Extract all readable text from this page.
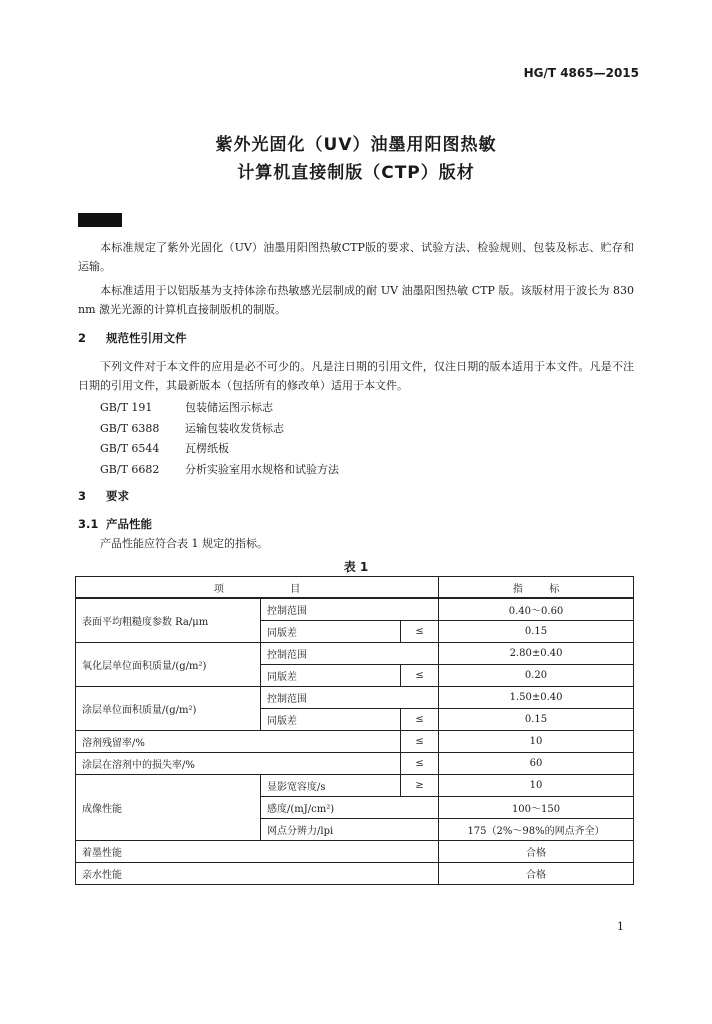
HG/T 4865—2015
紫外光固化（UV）油墨用阳图热敏
计算机直接制版（CTP）版材
本标准规定了紫外光固化（UV）油墨用阳图热敏CTP版的要求、试验方法、检验规则、包装及标志、贮存和运输。
本标准适用于以铝版基为支持体涂布热敏感光层制成的耐 UV 油墨阳图热敏 CTP 版。该版材用于波长为 830 nm 激光光源的计算机直接制版机的制版。
2 规范性引用文件
下列文件对于本文件的应用是必不可少的。凡是注日期的引用文件，仅注日期的版本适用于本文件。凡是不注日期的引用文件，其最新版本（包括所有的修改单）适用于本文件。
GB/T 191	包装储运图示标志
GB/T 6388 运输包装收发货标志
GB/T 6544 瓦楞纸板
GB/T 6682 分析实验室用水规格和试验方法
3 要求
3.1 产品性能
产品性能应符合表 1 规定的指标。
表 1
项        目			指    标
表面平均粗糙度参数 Ra/μm	控制范围		0.40～0.60
	同版差	≤	0.15
氧化层单位面积质量/(g/m²)	控制范围		2.80±0.40
	同版差	≤	0.20
涂层单位面积质量/(g/m²)	控制范围		1.50±0.40
	同版差	≤	0.15
溶剂残留率/%		≤	10
涂层在溶剂中的损失率/%		≤	60
成像性能	显影宽容度/s	≥	10
	感度/(mJ/cm²)		100～150
	网点分辨力/lpi		175（2%～98%的网点齐全）
着墨性能			合格
亲水性能			合格
1
